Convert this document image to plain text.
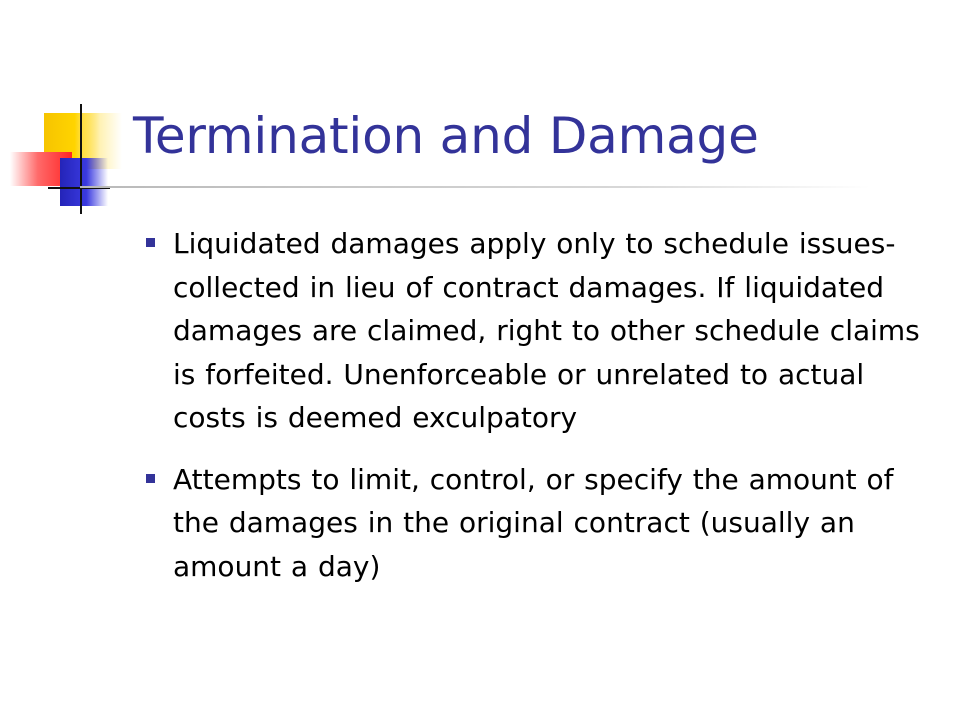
Termination and Damage
Liquidated damages apply only to schedule issues- collected in lieu of contract damages. If liquidated damages are claimed, right to other schedule claims is forfeited. Unenforceable or unrelated to actual costs is deemed exculpatory
Attempts to limit, control, or specify the amount of the damages in the original contract (usually an amount a day)
